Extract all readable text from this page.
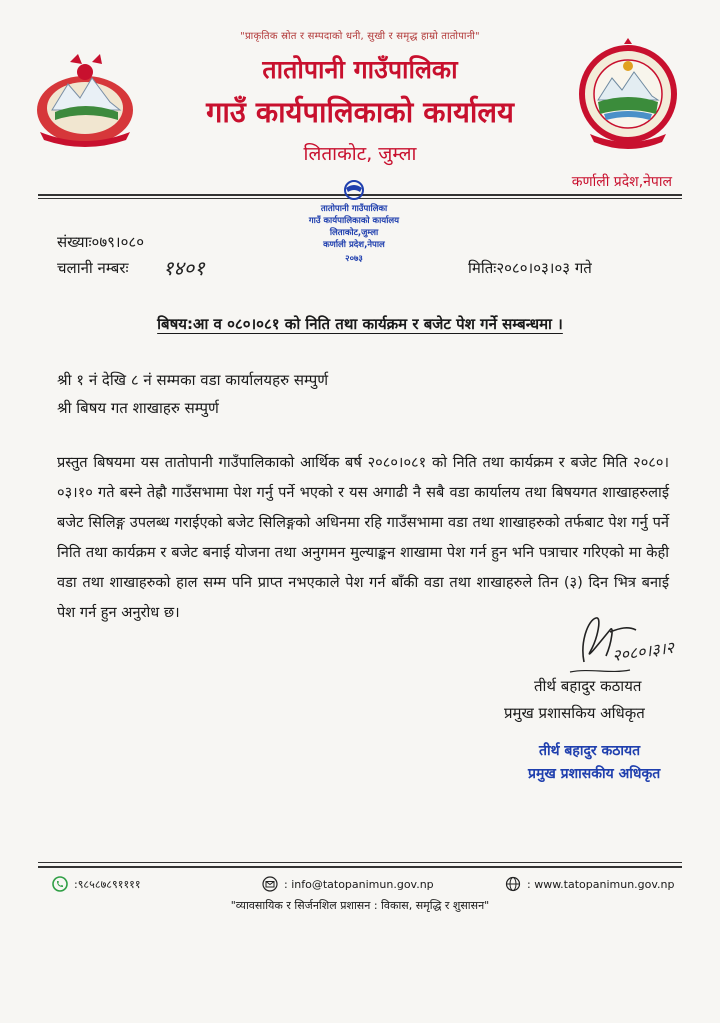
"प्राकृतिक स्रोत र सम्पदाको धनी, सुखी र समृद्ध हाम्रो तातोपानी"
तातोपानी गाउँपालिका
गाउँ कार्यपालिकाको कार्यालय
लिताकोट, जुम्ला
कर्णाली प्रदेश,नेपाल
तातोपानी गाउँपालिका
गाउँ कार्यपालिकाको कार्यालय
लिताकोट,जुम्ला
कर्णाली प्रदेश,नेपाल
२०७३
संख्याः०७९।०८०
चलानी नम्बरः १४०१	मितिः२०८०।०३।०३ गते
बिषय:आ व ०८०।०८१ को निति तथा कार्यक्रम र बजेट पेश गर्ने सम्बन्धमा ।
श्री १ नं देखि ८ नं सम्मका वडा कार्यालयहरु सम्पुर्ण
श्री बिषय गत शाखाहरु सम्पुर्ण

प्रस्तुत बिषयमा यस तातोपानी गाउँपालिकाको आर्थिक बर्ष २०८०।०८१ को निति तथा कार्यक्रम र बजेट मिति २०८०।०३।१० गते बस्ने तेह्रौ गाउँसभामा पेश गर्नु पर्ने भएको र यस अगाढी नै सबै वडा कार्यालय तथा बिषयगत शाखाहरुलाई बजेट सिलिङ्ग उपलब्ध गराईएको बजेट सिलिङ्गको अधिनमा रहि गाउँसभामा वडा तथा शाखाहरुको तर्फबाट पेश गर्नु पर्ने निति तथा कार्यक्रम र बजेट बनाई योजना तथा अनुगमन मुल्याङ्कन शाखामा पेश गर्न हुन भनि पत्राचार गरिएको मा केही वडा तथा शाखाहरुको हाल सम्म पनि प्राप्त नभएकाले पेश गर्न बाँकी वडा तथा शाखाहरुले तिन (३) दिन भित्र बनाई पेश गर्न हुन अनुरोध छ।

२०८०।३।२
तीर्थ बहादुर कठायत
प्रमुख प्रशासकिय अधिकृत
तीर्थ बहादुर कठायत
प्रमुख प्रशासकीय अधिकृत
:९८५८७८९११११	: info@tatopanimun.gov.np	: www.tatopanimun.gov.np
"व्यावसायिक र सिर्जनशिल प्रशासन : विकास, समृद्धि र शुसासन"
